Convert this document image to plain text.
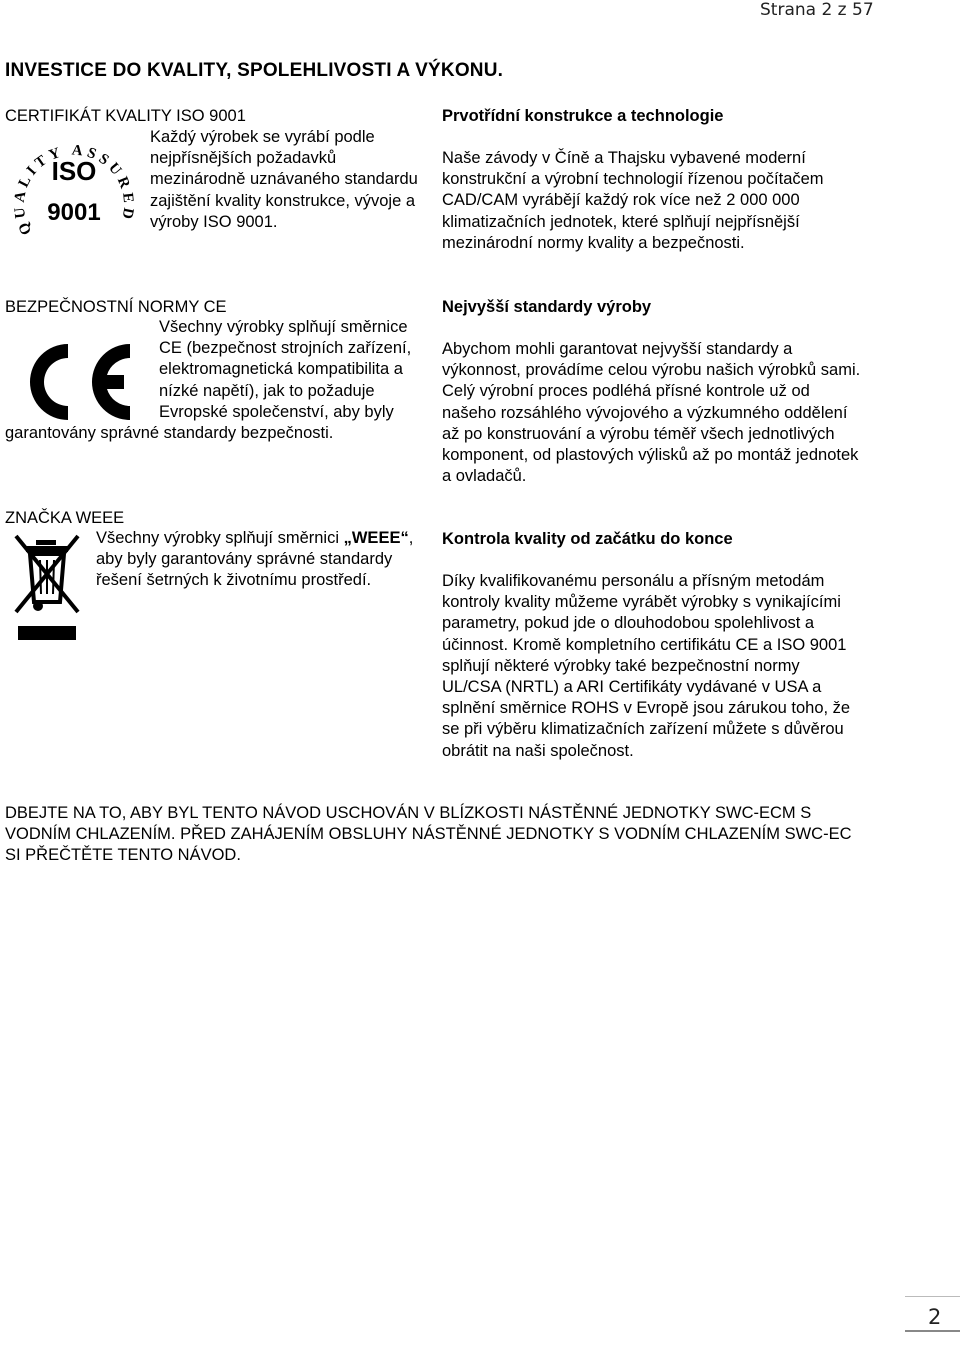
Strana 2 z 57
INVESTICE DO KVALITY, SPOLEHLIVOSTI A VÝKONU.
CERTIFIKÁT KVALITY ISO 9001
Q LITY ASSUR
ISO
9001
Každý výrobek se vyrábí podle nejpřísnějších požadavků mezinárodně uznávaného standardu zajištění kvality konstrukce, vývoje a výroby ISO 9001.
BEZPEČNOSTNÍ NORMY CE
Všechny výrobky splňují směrnice CE (bezpečnost strojních zařízení, elektromagnetická kompatibilita a nízké napětí), jak to požaduje Evropské společenství, aby byly
garantovány správné standardy bezpečnosti.
ZNAČKA WEEE
Všechny výrobky splňují směrnici „WEEE“, aby byly garantovány správné standardy řešení šetrných k životnímu prostředí.
Prvotřídní konstrukce a technologie
Naše závody v Číně a Thajsku vybavené moderní konstrukční a výrobní technologií řízenou počítačem CAD/CAM vyrábějí každý rok více než 2 000 000 klimatizačních jednotek, které splňují nejpřísnější mezinárodní normy kvality a bezpečnosti.
Nejvyšší standardy výroby
Abychom mohli garantovat nejvyšší standardy a výkonnost, provádíme celou výrobu našich výrobků sami. Celý výrobní proces podléhá přísné kontrole už od našeho rozsáhlého vývojového a výzkumného oddělení až po konstruování a výrobu téměř všech jednotlivých komponent, od plastových výlisků až po montáž jednotek a ovladačů.
Kontrola kvality od začátku do konce
Díky kvalifikovanému personálu a přísným metodám kontroly kvality můžeme vyrábět výrobky s vynikajícími parametry, pokud jde o dlouhodobou spolehlivost a účinnost. Kromě kompletního certifikátu CE a ISO 9001 splňují některé výrobky také bezpečnostní normy UL/CSA (NRTL) a ARI Certifikáty vydávané v USA a splnění směrnice ROHS v Evropě jsou zárukou toho, že se při výběru klimatizačních zařízení můžete s důvěrou obrátit na naši společnost.
DBEJTE NA TO, ABY BYL TENTO NÁVOD USCHOVÁN V BLÍZKOSTI NÁSTĚNNÉ JEDNOTKY SWC-ECM S VODNÍM CHLAZENÍM. PŘED ZAHÁJENÍM OBSLUHY NÁSTĚNNÉ JEDNOTKY S VODNÍM CHLAZENÍM SWC-EC SI PŘEČTĚTE TENTO NÁVOD.
2
